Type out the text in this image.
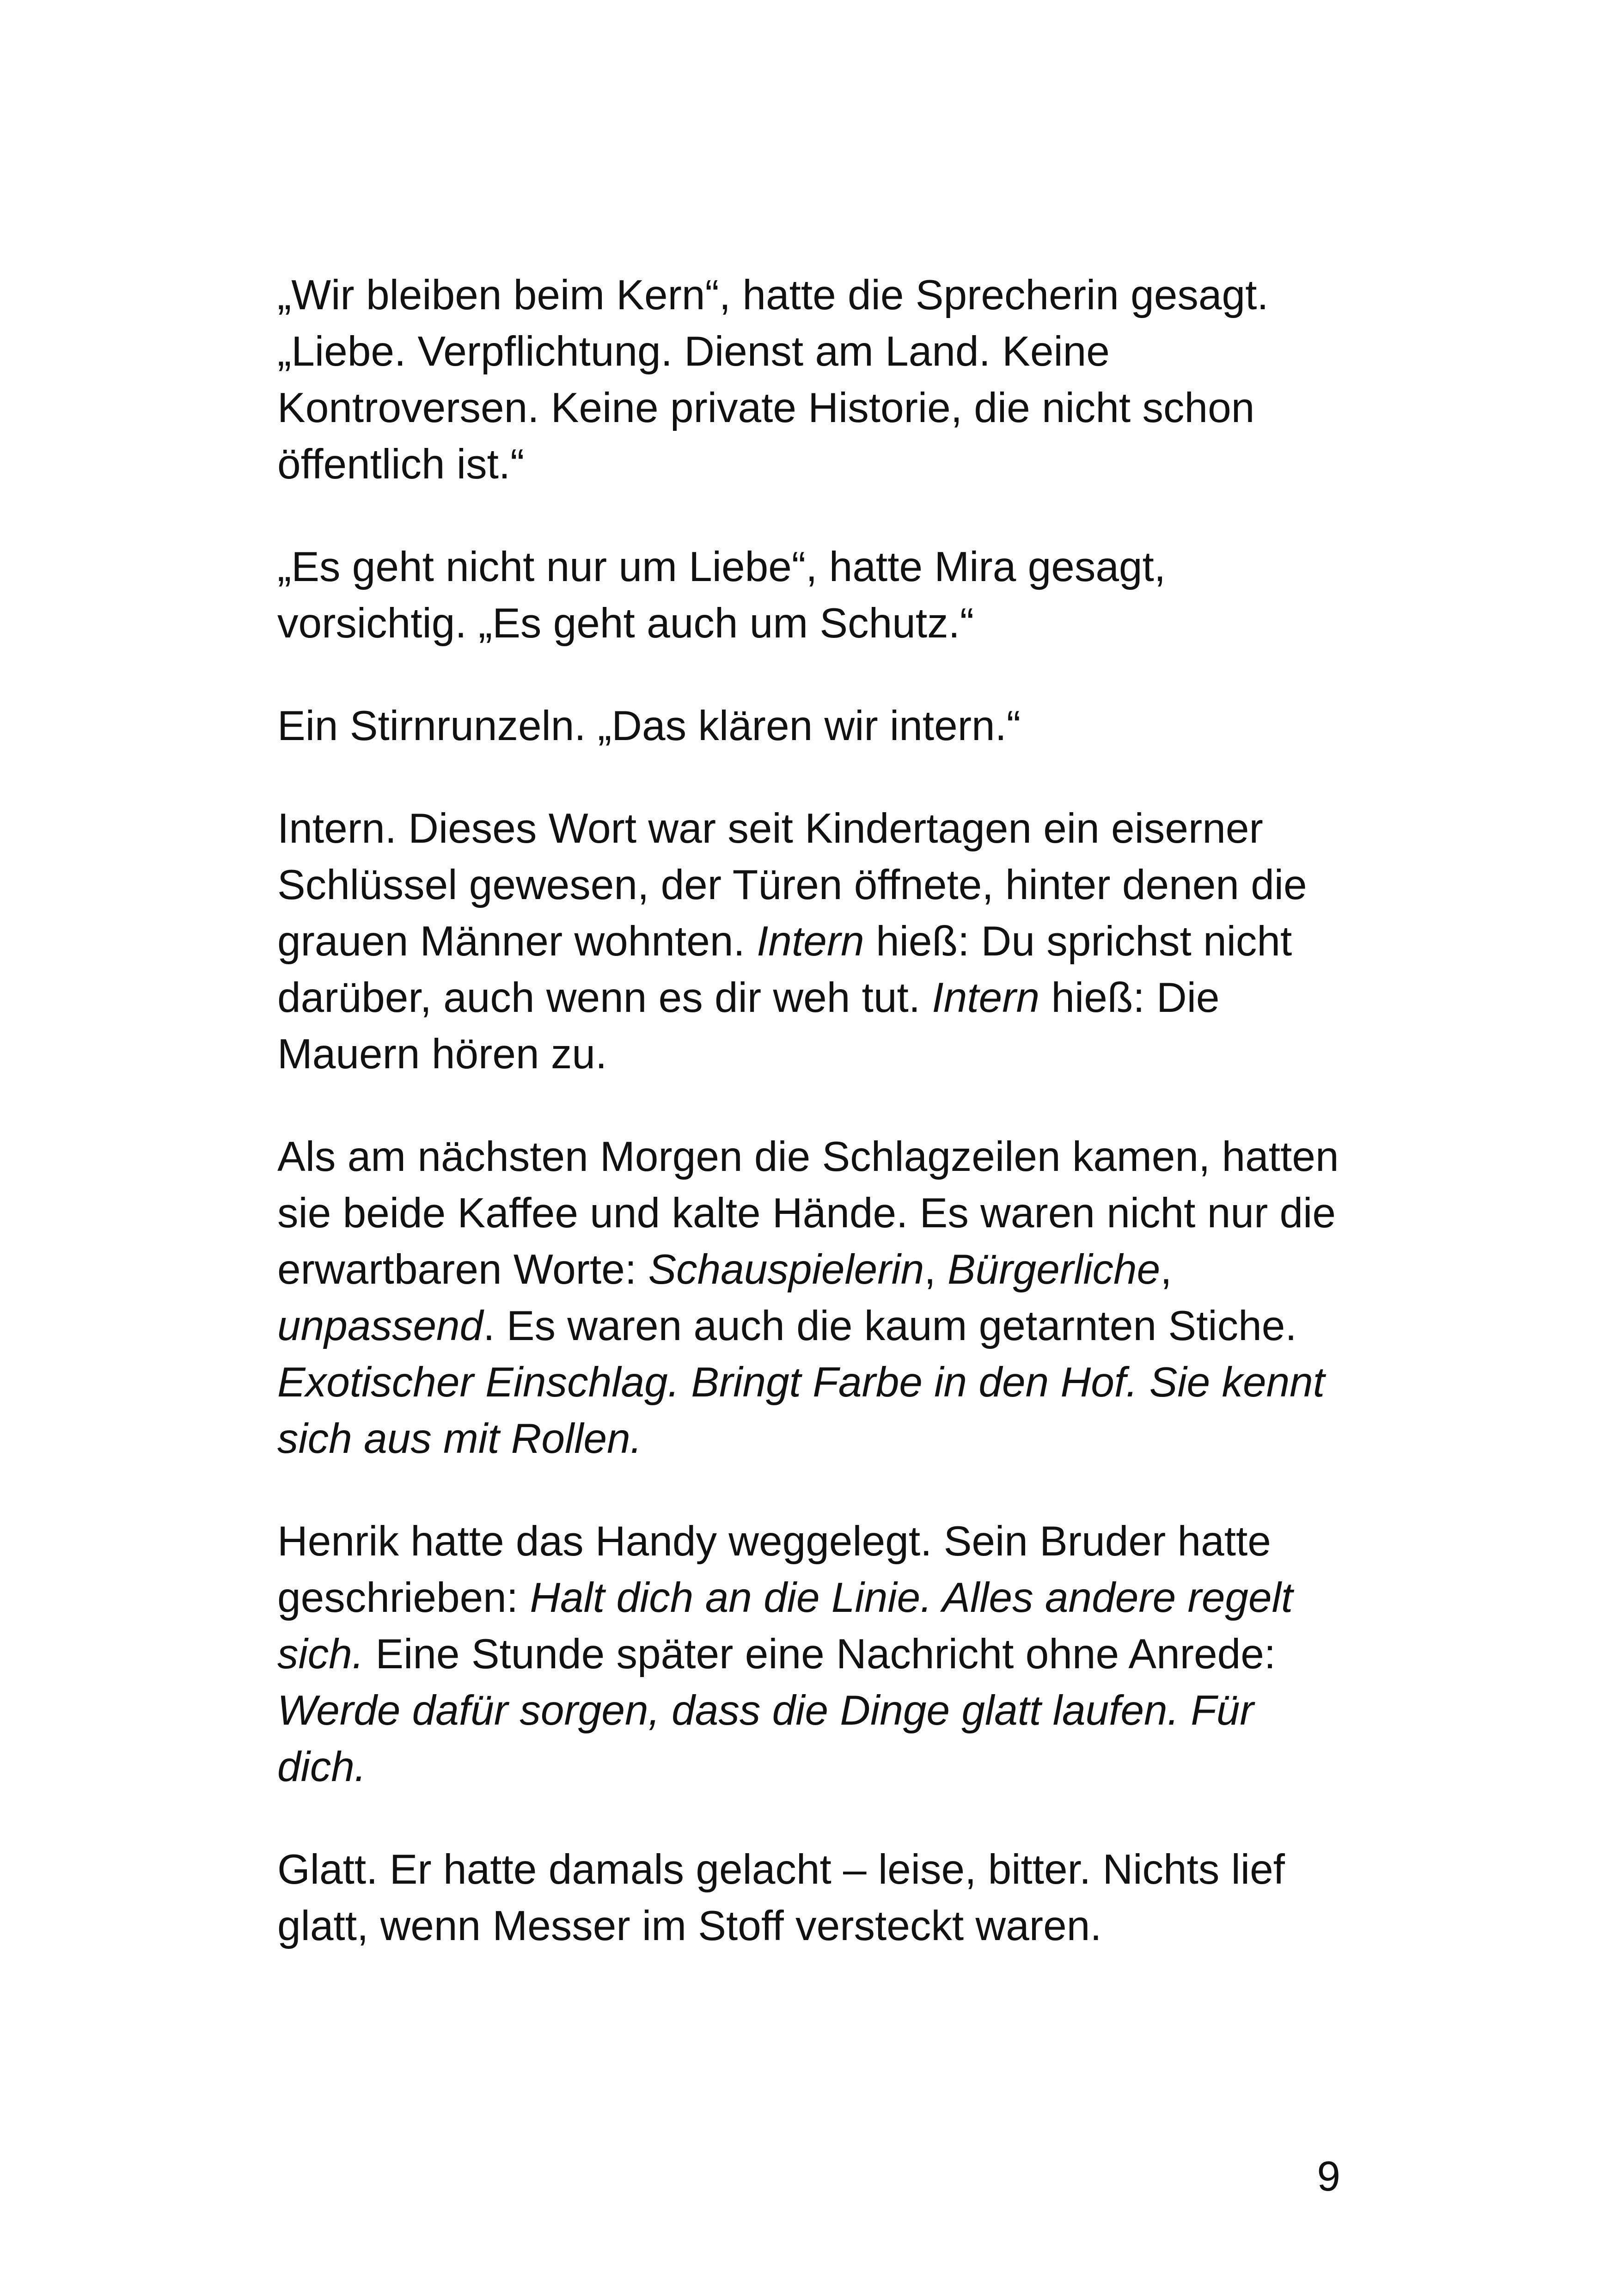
„Wir bleiben beim Kern“, hatte die Sprecherin gesagt. „Liebe. Verpflichtung. Dienst am Land. Keine Kontroversen. Keine private Historie, die nicht schon öffentlich ist.“

„Es geht nicht nur um Liebe“, hatte Mira gesagt, vorsichtig. „Es geht auch um Schutz.“

Ein Stirnrunzeln. „Das klären wir intern.“

Intern. Dieses Wort war seit Kindertagen ein eiserner Schlüssel gewesen, der Türen öffnete, hinter denen die grauen Männer wohnten. Intern hieß: Du sprichst nicht darüber, auch wenn es dir weh tut. Intern hieß: Die Mauern hören zu.

Als am nächsten Morgen die Schlagzeilen kamen, hatten sie beide Kaffee und kalte Hände. Es waren nicht nur die erwartbaren Worte: Schauspielerin, Bürgerliche, unpassend. Es waren auch die kaum getarnten Stiche. Exotischer Einschlag. Bringt Farbe in den Hof. Sie kennt sich aus mit Rollen.

Henrik hatte das Handy weggelegt. Sein Bruder hatte geschrieben: Halt dich an die Linie. Alles andere regelt sich. Eine Stunde später eine Nachricht ohne Anrede: Werde dafür sorgen, dass die Dinge glatt laufen. Für dich.

Glatt. Er hatte damals gelacht – leise, bitter. Nichts lief glatt, wenn Messer im Stoff versteckt waren.

9
